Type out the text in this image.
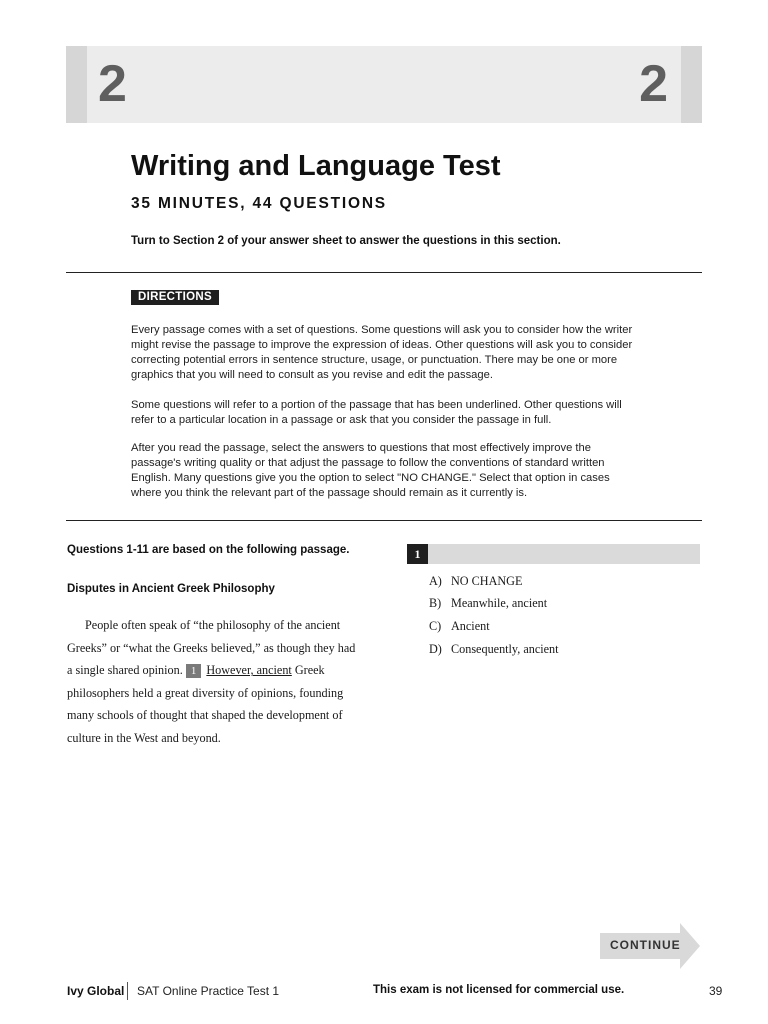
2	2
Writing and Language Test
35 MINUTES, 44 QUESTIONS
Turn to Section 2 of your answer sheet to answer the questions in this section.
DIRECTIONS

Every passage comes with a set of questions. Some questions will ask you to consider how the writer might revise the passage to improve the expression of ideas. Other questions will ask you to consider correcting potential errors in sentence structure, usage, or punctuation. There may be one or more graphics that you will need to consult as you revise and edit the passage.

Some questions will refer to a portion of the passage that has been underlined. Other questions will refer to a particular location in a passage or ask that you consider the passage in full.

After you read the passage, select the answers to questions that most effectively improve the passage's writing quality or that adjust the passage to follow the conventions of standard written English. Many questions give you the option to select "NO CHANGE." Select that option in cases where you think the relevant part of the passage should remain as it currently is.

Questions 1-11 are based on the following passage.
Disputes in Ancient Greek Philosophy

People often speak of “the philosophy of the ancient Greeks” or “what the Greeks believed,” as though they had a single shared opinion. 1 However, ancient Greek philosophers held a great diversity of opinions, founding many schools of thought that shaped the development of culture in the West and beyond.

1
A) NO CHANGE
B) Meanwhile, ancient
C) Ancient
D) Consequently, ancient
CONTINUE
Ivy Global SAT Online Practice Test 1	This exam is not licensed for commercial use.	39
